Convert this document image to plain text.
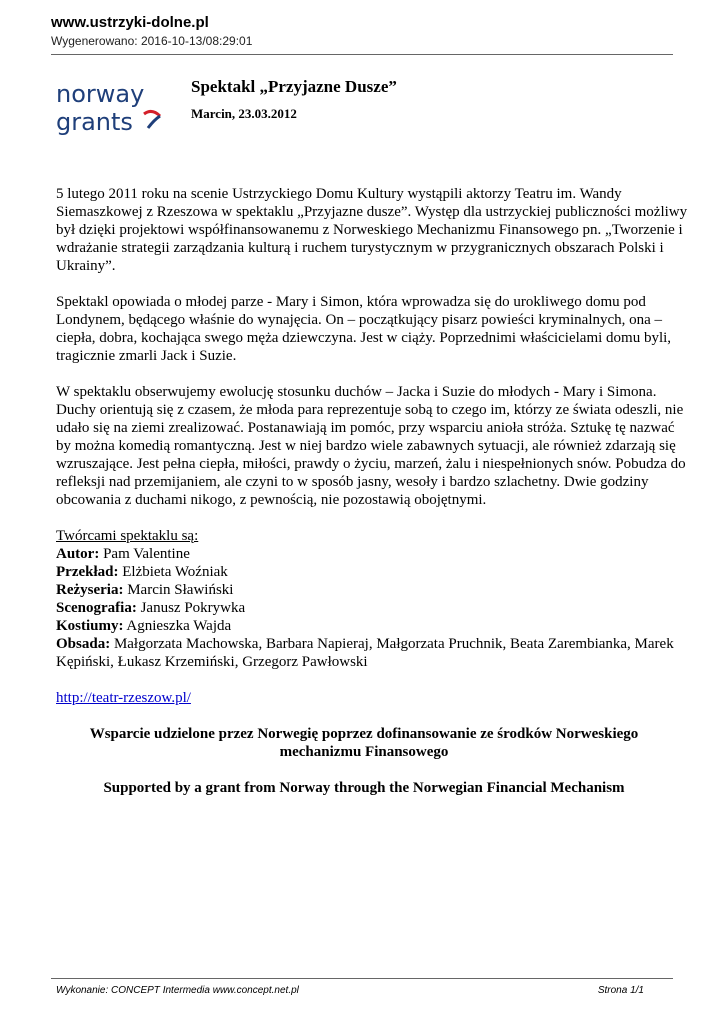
www.ustrzyki-dolne.pl
Wygenerowano: 2016-10-13/08:29:01
norway
grants
Spektakl „Przyjazne Dusze”
Marcin, 23.03.2012

5 lutego 2011 roku na scenie Ustrzyckiego Domu Kultury wystąpili aktorzy Teatru im. Wandy
Siemaszkowej z Rzeszowa w spektaklu „Przyjazne dusze”. Występ dla ustrzyckiej publiczności możliwy
był dzięki projektowi współfinansowanemu z Norweskiego Mechanizmu Finansowego pn. „Tworzenie i
wdrażanie strategii zarządzania kulturą i ruchem turystycznym w przygranicznych obszarach Polski i
Ukrainy”.

Spektakl opowiada o młodej parze - Mary i Simon, która wprowadza się do urokliwego domu pod
Londynem, będącego właśnie do wynajęcia. On – początkujący pisarz powieści kryminalnych, ona –
ciepła, dobra, kochająca swego męża dziewczyna. Jest w ciąży. Poprzednimi właścicielami domu byli,
tragicznie zmarli Jack i Suzie.

W spektaklu obserwujemy ewolucję stosunku duchów – Jacka i Suzie do młodych - Mary i Simona.
Duchy orientują się z czasem, że młoda para reprezentuje sobą to czego im, którzy ze świata odeszli, nie
udało się na ziemi zrealizować. Postanawiają im pomóc, przy wsparciu anioła stróża. Sztukę tę nazwać
by można komedią romantyczną. Jest w niej bardzo wiele zabawnych sytuacji, ale również zdarzają się
wzruszające. Jest pełna ciepła, miłości, prawdy o życiu, marzeń, żalu i niespełnionych snów. Pobudza do
refleksji nad przemijaniem, ale czyni to w sposób jasny, wesoły i bardzo szlachetny. Dwie godziny
obcowania z duchami nikogo, z pewnością, nie pozostawią obojętnymi.

Twórcami spektaklu są:
Autor: Pam Valentine
Przekład: Elżbieta Woźniak
Reżyseria: Marcin Sławiński
Scenografia: Janusz Pokrywka
Kostiumy: Agnieszka Wajda
Obsada: Małgorzata Machowska, Barbara Napieraj, Małgorzata Pruchnik, Beata Zarembianka, Marek
Kępiński, Łukasz Krzemiński, Grzegorz Pawłowski
http://teatr-rzeszow.pl/
Wsparcie udzielone przez Norwegię poprzez dofinansowanie ze środków Norweskiego
mechanizmu Finansowego
Supported by a grant from Norway through the Norwegian Financial Mechanism
Wykonanie: CONCEPT Intermedia www.concept.net.pl	Strona 1/1
